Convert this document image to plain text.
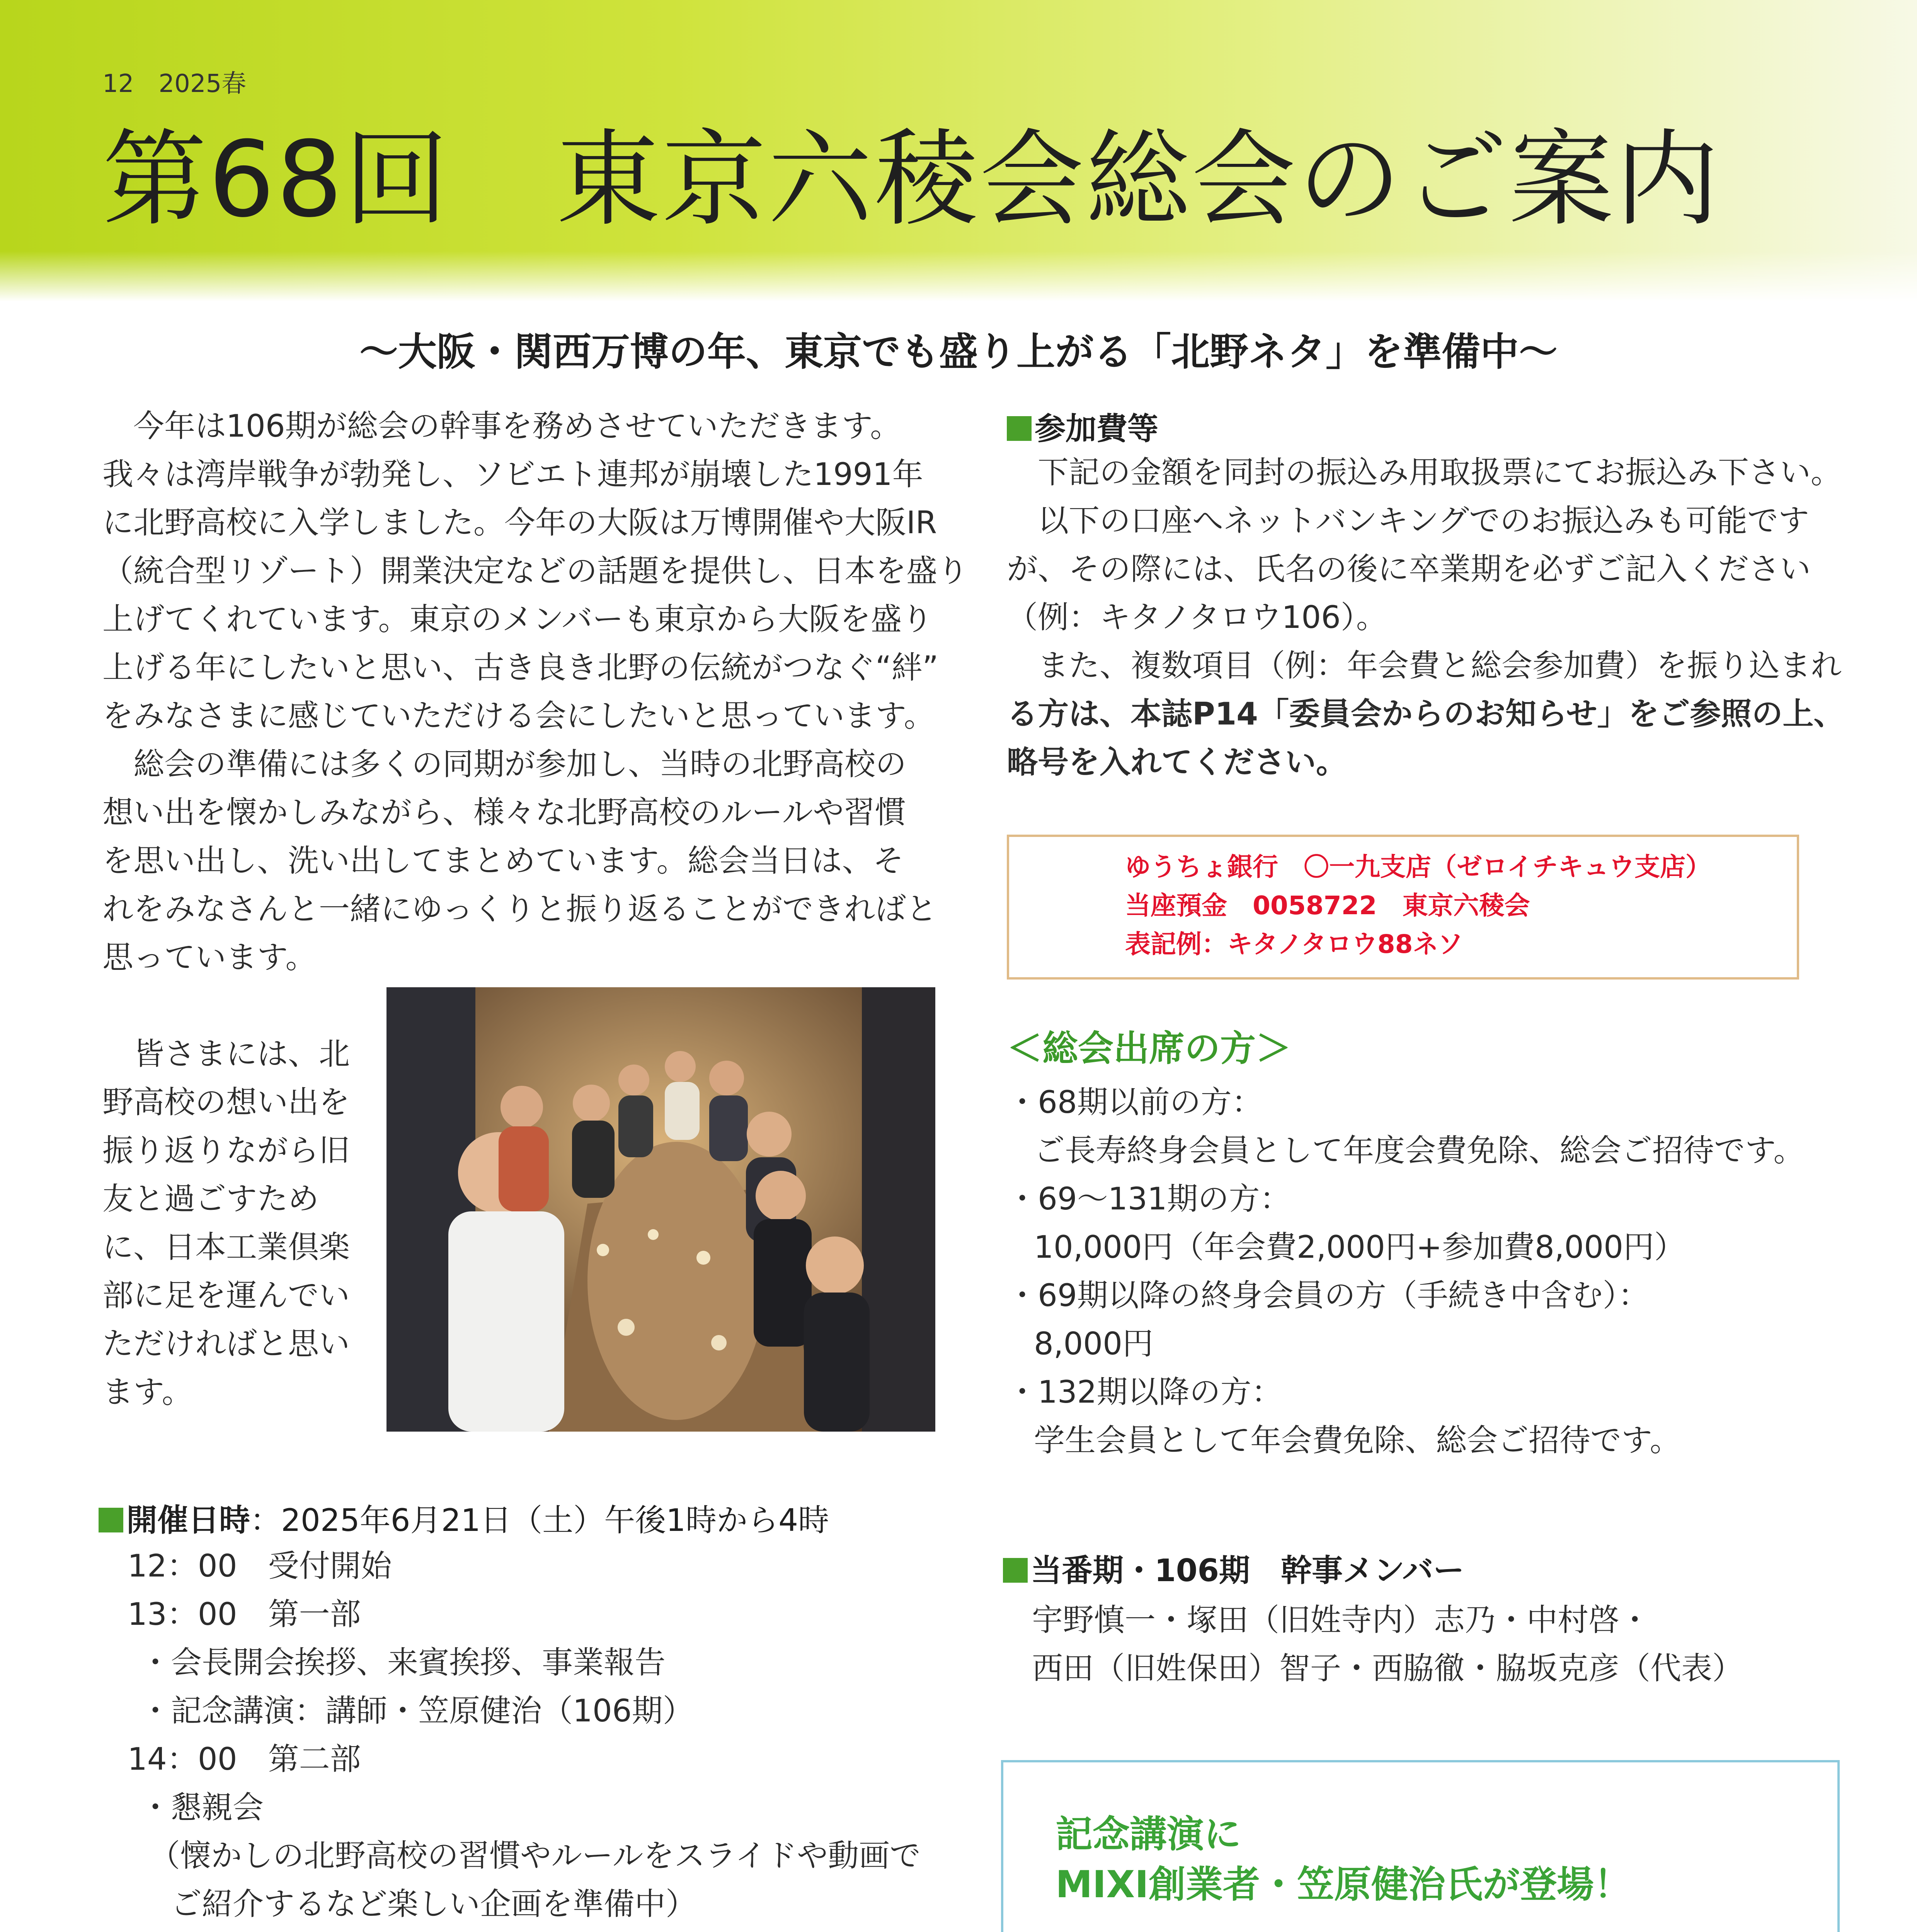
12　2025春
第68回　東京六稜会総会のご案内
～大阪・関西万博の年、東京でも盛り上がる「北野ネタ」を準備中～
今年は106期が総会の幹事を務めさせていただきます。
我々は湾岸戦争が勃発し、ソビエト連邦が崩壊した1991年
に北野高校に入学しました。今年の大阪は万博開催や大阪IR
（統合型リゾート）開業決定などの話題を提供し、日本を盛り
上げてくれています。東京のメンバーも東京から大阪を盛り
上げる年にしたいと思い、古き良き北野の伝統がつなぐ“絆”
をみなさまに感じていただける会にしたいと思っています。
総会の準備には多くの同期が参加し、当時の北野高校の
想い出を懐かしみながら、様々な北野高校のルールや習慣
を思い出し、洗い出してまとめています。総会当日は、そ
れをみなさんと一緒にゆっくりと振り返ることができればと
思っています。
皆さまには、北
野高校の想い出を
振り返りながら旧
友と過ごすため
に、日本工業倶楽
部に足を運んでい
ただければと思い
ます。
開催日時：2025年6月21日（土）午後1時から4時
12：00　受付開始
13：00　第一部
・会長開会挨拶、来賓挨拶、事業報告
・記念講演：講師・笠原健治（106期）
14：00　第二部
・懇親会
（懐かしの北野高校の習慣やルールをスライドや動画で
ご紹介するなど楽しい企画を準備中）
参加費等
下記の金額を同封の振込み用取扱票にてお振込み下さい。
以下の口座へネットバンキングでのお振込みも可能です
が、その際には、氏名の後に卒業期を必ずご記入ください
（例：キタノタロウ106）。
また、複数項目（例：年会費と総会参加費）を振り込まれ
る方は、本誌P14「委員会からのお知らせ」をご参照の上、
略号を入れてください。
ゆうちょ銀行　〇一九支店（ゼロイチキュウ支店）
当座預金　0058722　東京六稜会
表記例：キタノタロウ88ネソ
＜総会出席の方＞
・68期以前の方：
ご長寿終身会員として年度会費免除、総会ご招待です。
・69～131期の方：
10,000円（年会費2,000円+参加費8,000円）
・69期以降の終身会員の方（手続き中含む）：
8,000円
・132期以降の方：
学生会員として年会費免除、総会ご招待です。
当番期・106期　幹事メンバー
宇野慎一・塚田（旧姓寺内）志乃・中村啓・
西田（旧姓保田）智子・西脇徹・脇坂克彦（代表）
記念講演に
MIXI創業者・笠原健治氏が登場！
